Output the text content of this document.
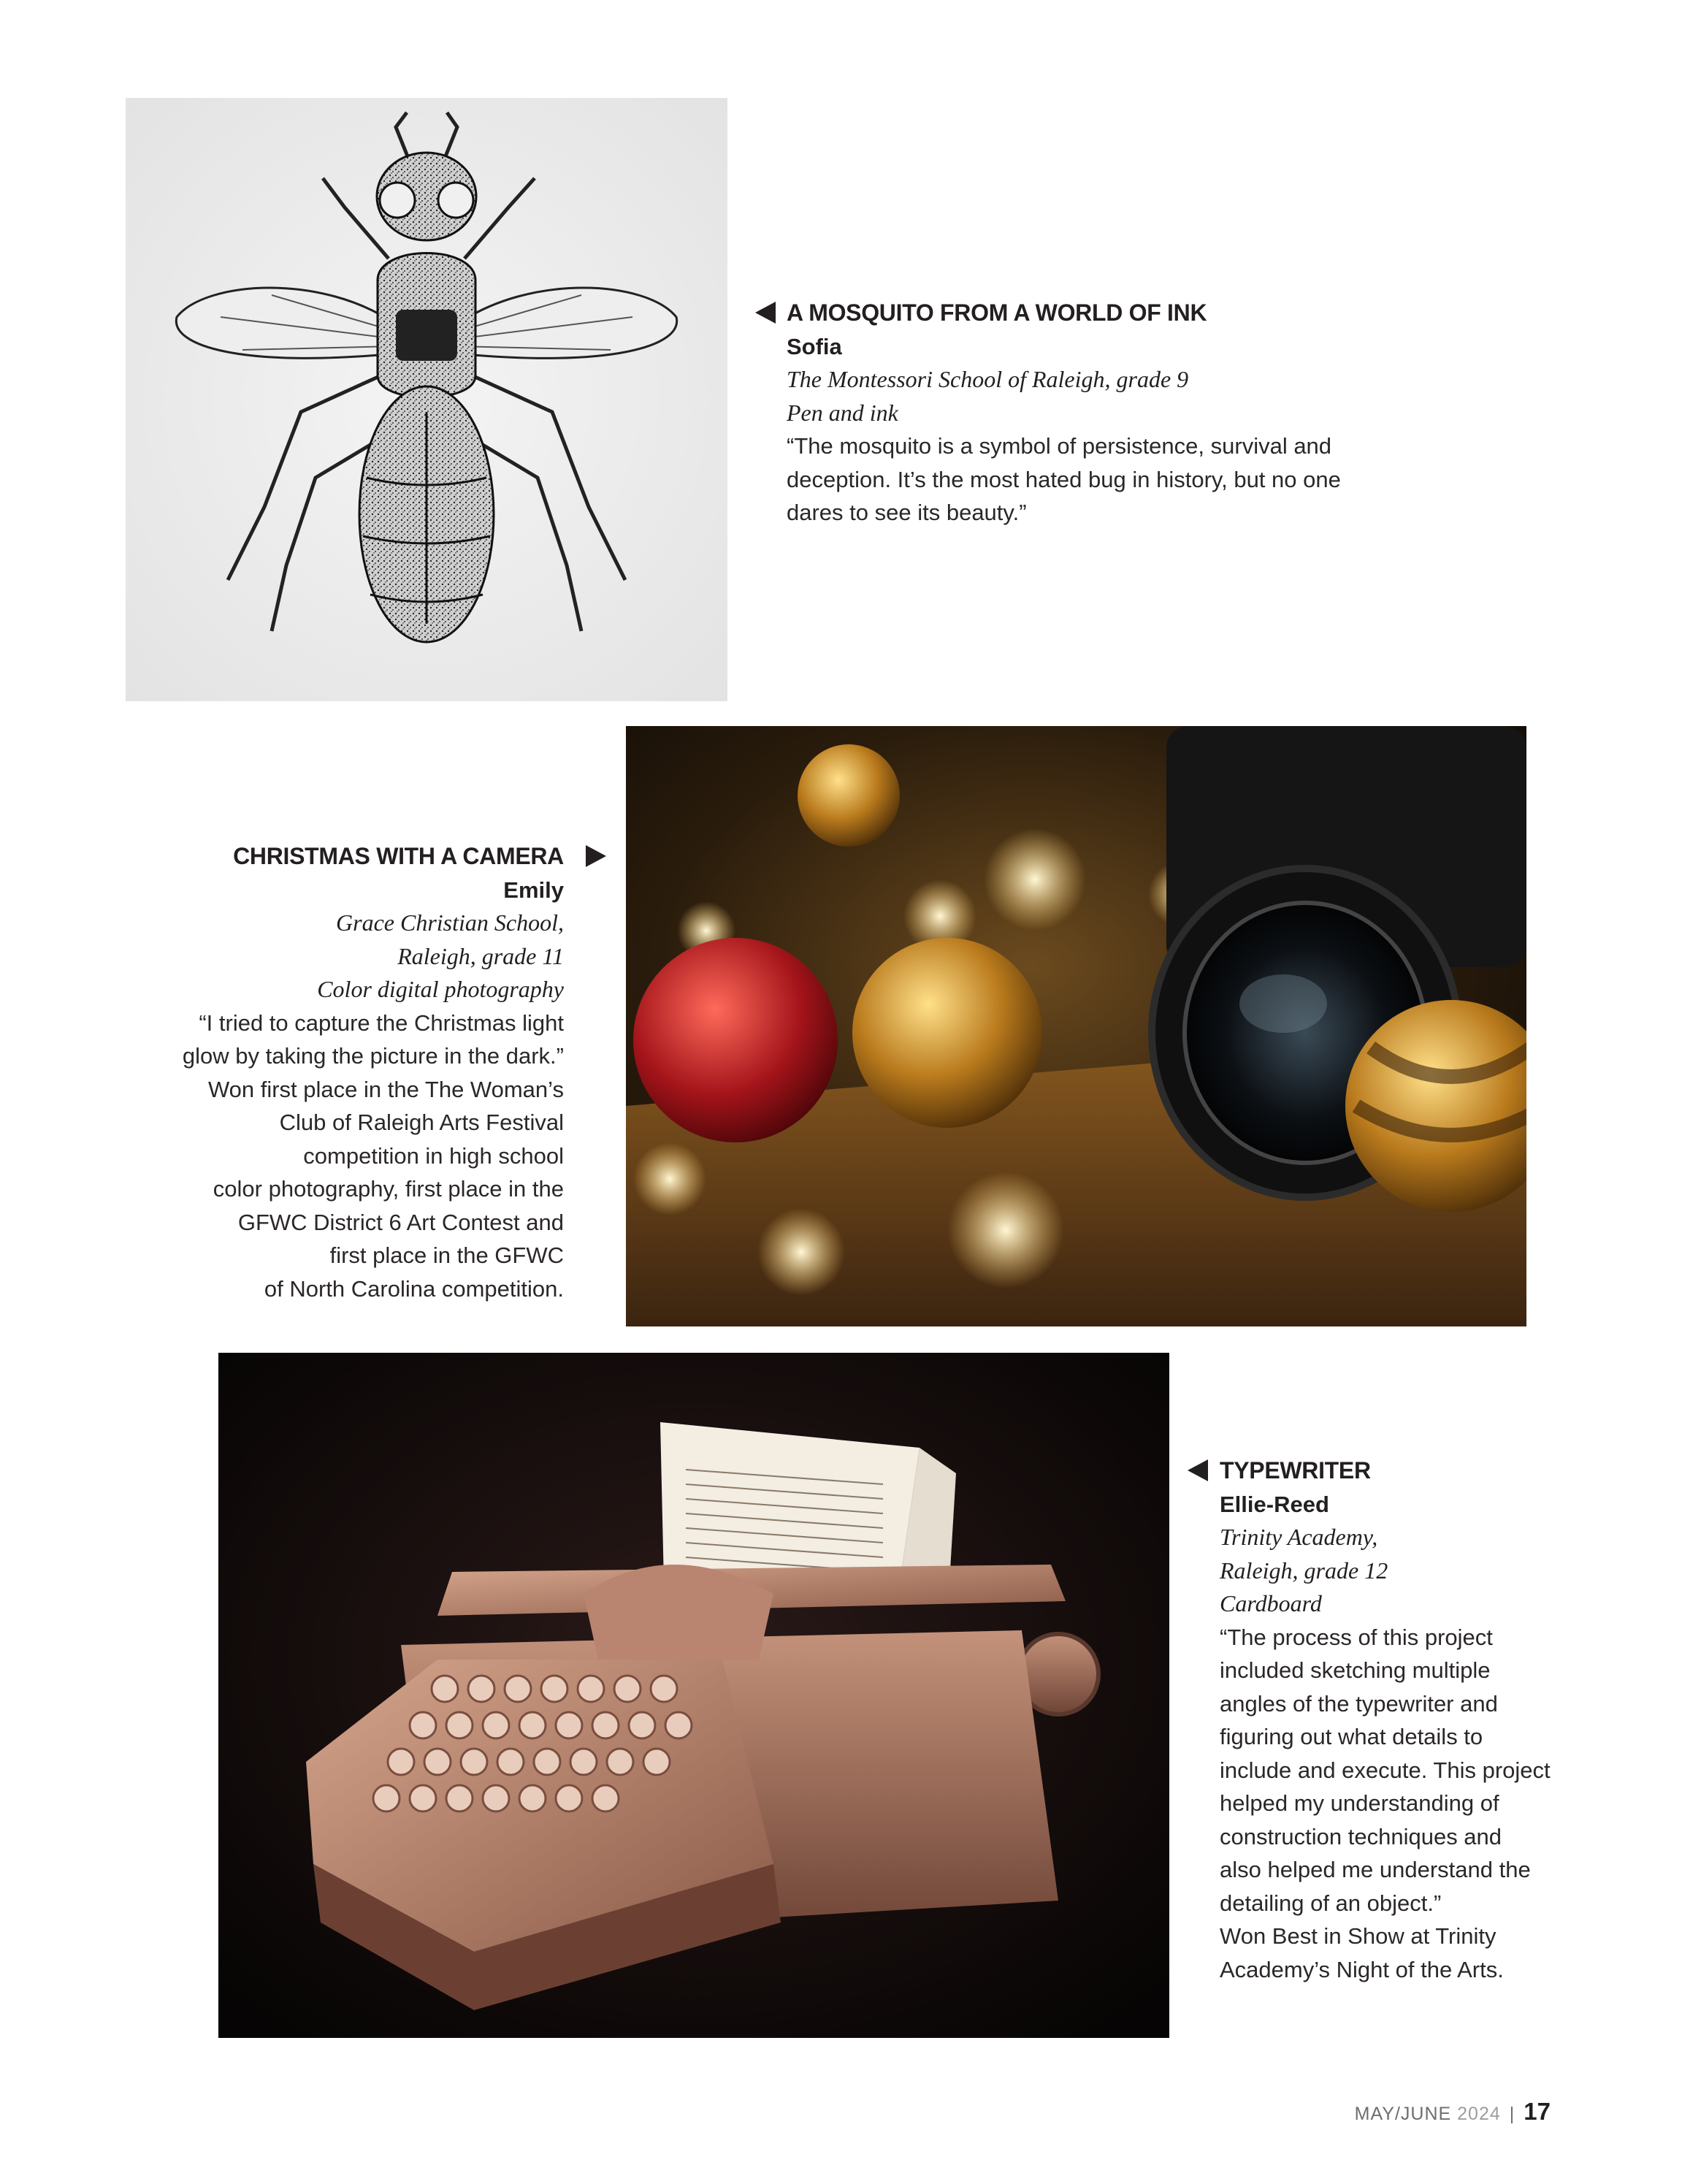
A MOSQUITO FROM A WORLD OF INK
Sofia
The Montessori School of Raleigh, grade 9
Pen and ink
“The mosquito is a symbol of persistence, survival and
deception. It’s the most hated bug in history, but no one
dares to see its beauty.”
CHRISTMAS WITH A CAMERA
Emily
Grace Christian School,
Raleigh, grade 11
Color digital photography
“I tried to capture the Christmas light
glow by taking the picture in the dark.”
Won first place in the The Woman’s
Club of Raleigh Arts Festival
competition in high school
color photography, first place in the
GFWC District 6 Art Contest and
first place in the GFWC
of North Carolina competition.
TYPEWRITER
Ellie-Reed
Trinity Academy,
Raleigh, grade 12
Cardboard
“The process of this project
included sketching multiple
angles of the typewriter and
figuring out what details to
include and execute. This project
helped my understanding of
construction techniques and
also helped me understand the
detailing of an object.”
Won Best in Show at Trinity
Academy’s Night of the Arts.
MAY/JUNE 2024 | 17
